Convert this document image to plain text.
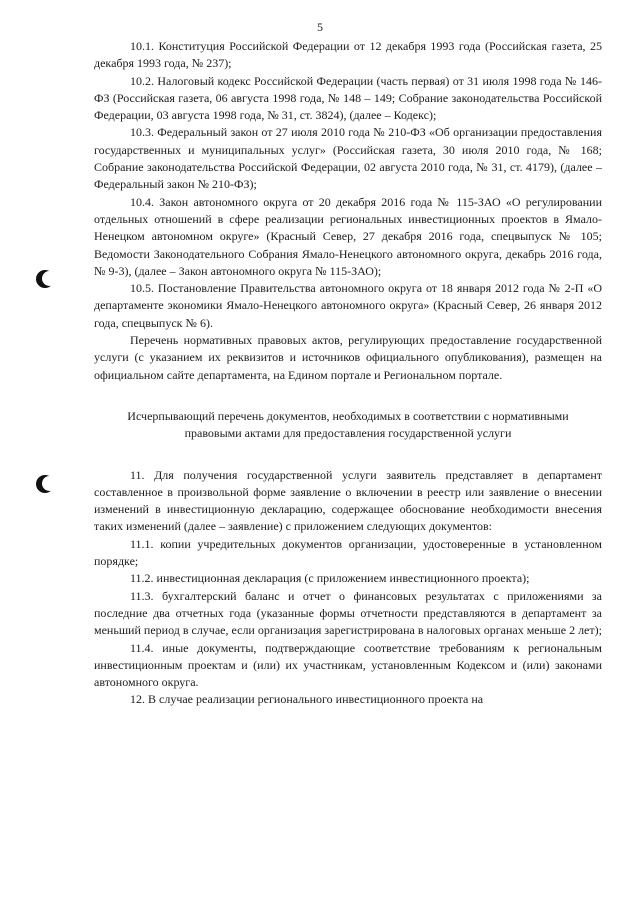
5

10.1. Конституция Российской Федерации от 12 декабря 1993 года (Российская газета, 25 декабря 1993 года, № 237);

10.2. Налоговый кодекс Российской Федерации (часть первая) от 31 июля 1998 года № 146-ФЗ (Российская газета, 06 августа 1998 года, № 148 – 149; Собрание законодательства Российской Федерации, 03 августа 1998 года, № 31, ст. 3824), (далее – Кодекс);

10.3. Федеральный закон от 27 июля 2010 года № 210-ФЗ «Об организации предоставления государственных и муниципальных услуг» (Российская газета, 30 июля 2010 года, № 168; Собрание законодательства Российской Федерации, 02 августа 2010 года, № 31, ст. 4179), (далее – Федеральный закон № 210-ФЗ);

10.4. Закон автономного округа от 20 декабря 2016 года № 115-ЗАО «О регулировании отдельных отношений в сфере реализации региональных инвестиционных проектов в Ямало-Ненецком автономном округе» (Красный Север, 27 декабря 2016 года, спецвыпуск № 105; Ведомости Законодательного Собрания Ямало-Ненецкого автономного округа, декабрь 2016 года, № 9-3), (далее – Закон автономного округа № 115-ЗАО);

10.5. Постановление Правительства автономного округа от 18 января 2012 года № 2-П «О департаменте экономики Ямало-Ненецкого автономного округа» (Красный Север, 26 января 2012 года, спецвыпуск № 6).

Перечень нормативных правовых актов, регулирующих предоставление государственной услуги (с указанием их реквизитов и источников официального опубликования), размещен на официальном сайте департамента, на Едином портале и Региональном портале.

Исчерпывающий перечень документов, необходимых в соответствии с нормативными правовыми актами для предоставления государственной услуги

11. Для получения государственной услуги заявитель представляет в департамент составленное в произвольной форме заявление о включении в реестр или заявление о внесении изменений в инвестиционную декларацию, содержащее обоснование необходимости внесения таких изменений (далее – заявление) с приложением следующих документов:

11.1. копии учредительных документов организации, удостоверенные в установленном порядке;

11.2. инвестиционная декларация (с приложением инвестиционного проекта);

11.3. бухгалтерский баланс и отчет о финансовых результатах с приложениями за последние два отчетных года (указанные формы отчетности представляются в департамент за меньший период в случае, если организация зарегистрирована в налоговых органах меньше 2 лет);

11.4. иные документы, подтверждающие соответствие требованиям к региональным инвестиционным проектам и (или) их участникам, установленным Кодексом и (или) законами автономного округа.

12. В случае реализации регионального инвестиционного проекта на
